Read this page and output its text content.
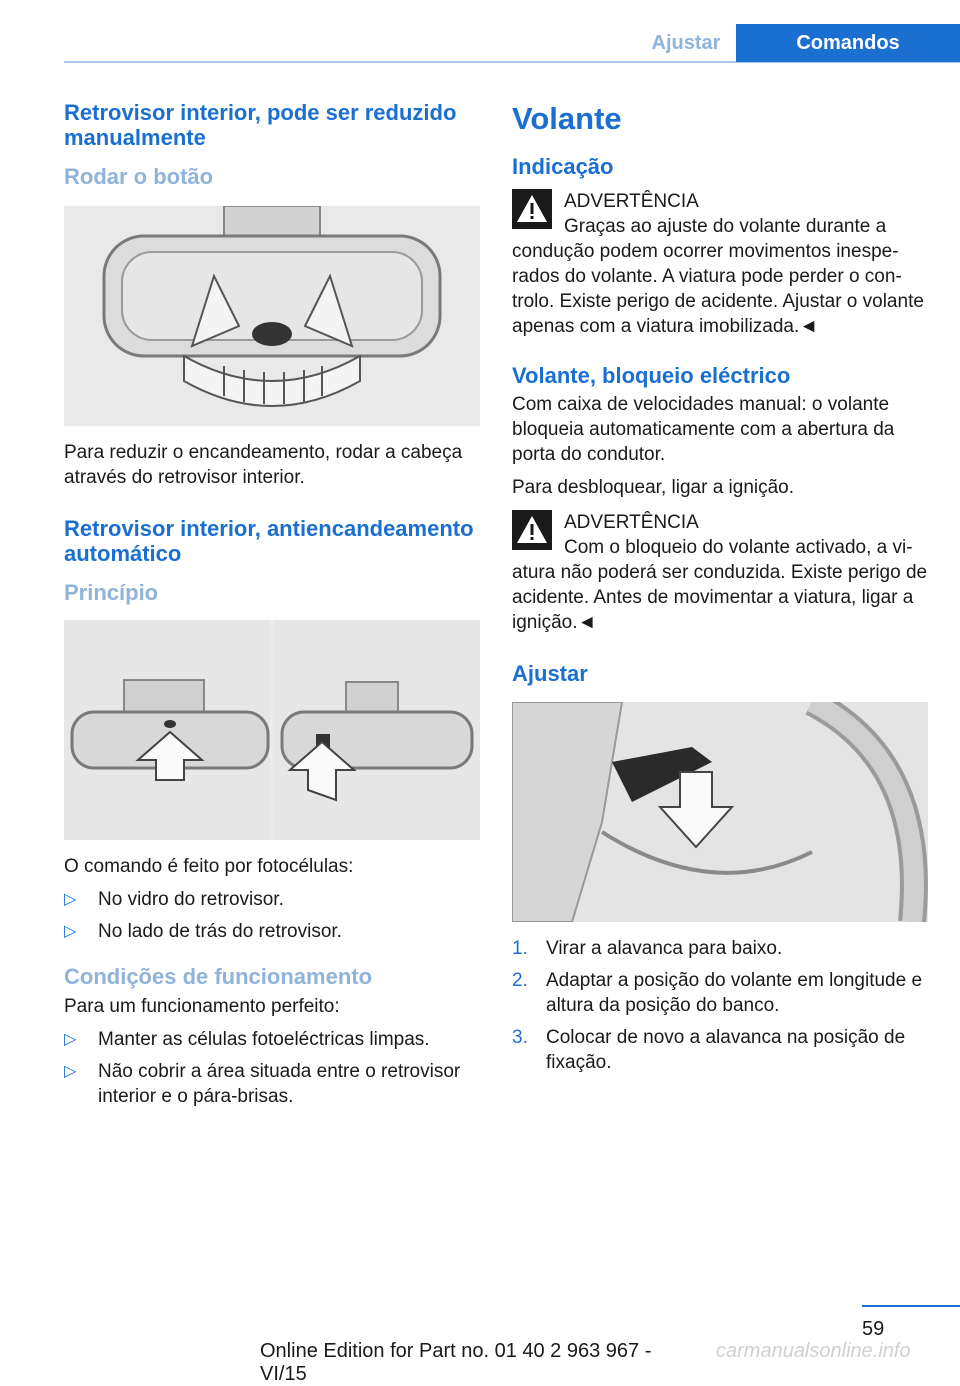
Ajustar	Comandos
Retrovisor interior, pode ser reduzido manualmente
Rodar o botão

Para reduzir o encandeamento, rodar a cabeça através do retrovisor interior.

Retrovisor interior, antiencandeamento automático
Princípio

O comando é feito por fotocélulas:

▷ No vidro do retrovisor.
▷ No lado de trás do retrovisor.
Condições de funcionamento

Para um funcionamento perfeito:

▷ Manter as células fotoeléctricas limpas.
▷ Não cobrir a área situada entre o retrovisor interior e o pára-brisas.
Volante
Indicação
ADVERTÊNCIA
Graças ao ajuste do volante durante a

condução podem ocorrer movimentos inesperados do volante. A viatura pode perder o controlo. Existe perigo de acidente. Ajustar o volante apenas com a viatura imobilizada.◄

Volante, bloqueio eléctrico

Com caixa de velocidades manual: o volante bloqueia automaticamente com a abertura da porta do condutor.

Para desbloquear, ligar a ignição.

ADVERTÊNCIA
Com o bloqueio do volante activado, a vi-

atura não poderá ser conduzida. Existe perigo de acidente. Antes de movimentar a viatura, ligar a ignição.◄

Ajustar
1. Virar a alavanca para baixo.
2. Adaptar a posição do volante em longitude e altura da posição do banco.
3. Colocar de novo a alavanca na posição de fixação.
59
Online Edition for Part no. 01 40 2 963 967 - VI/15
carmanualsonline.info
